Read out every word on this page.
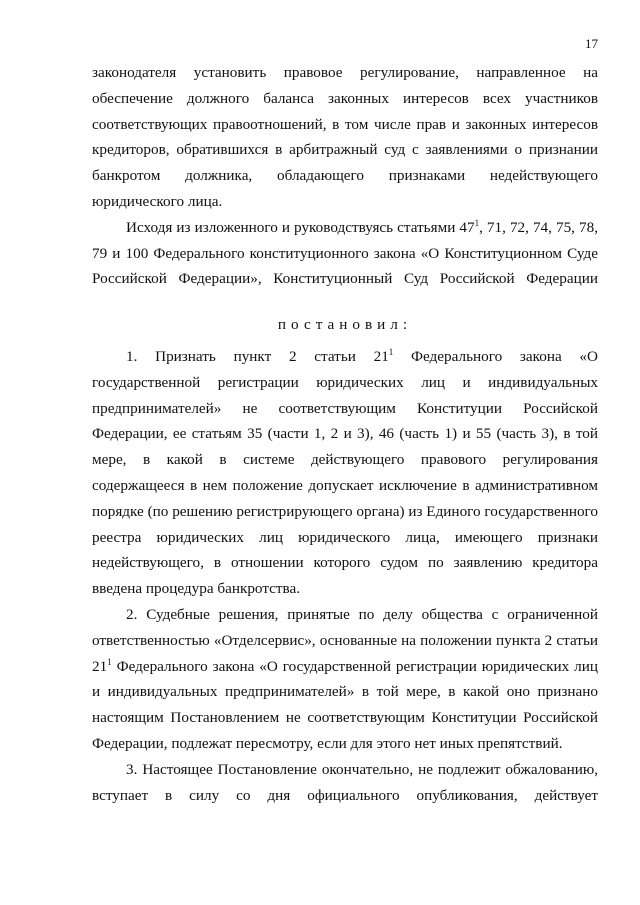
17

законодателя установить правовое регулирование, направленное на обеспечение должного баланса законных интересов всех участников соответствующих правоотношений, в том числе прав и законных интересов кредиторов, обратившихся в арбитражный суд с заявлениями о признании банкротом должника, обладающего признаками недействующего юридического лица.

Исходя из изложенного и руководствуясь статьями $47^1$, 71, 72, 74, 75, 78, 79 и 100 Федерального конституционного закона «О Конституционном Суде Российской Федерации», Конституционный Суд Российской Федерации

постановил:

1. Признать пункт 2 статьи $21^1$ Федерального закона «О государственной регистрации юридических лиц и индивидуальных предпринимателей» не соответствующим Конституции Российской Федерации, ее статьям 35 (части 1, 2 и 3), 46 (часть 1) и 55 (часть 3), в той мере, в какой в системе действующего правового регулирования содержащееся в нем положение допускает исключение в административном порядке (по решению регистрирующего органа) из Единого государственного реестра юридических лиц юридического лица, имеющего признаки недействующего, в отношении которого судом по заявлению кредитора введена процедура банкротства.

2. Судебные решения, принятые по делу общества с ограниченной ответственностью «Отделсервис», основанные на положении пункта 2 статьи $21^1$ Федерального закона «О государственной регистрации юридических лиц и индивидуальных предпринимателей» в той мере, в какой оно признано настоящим Постановлением не соответствующим Конституции Российской Федерации, подлежат пересмотру, если для этого нет иных препятствий.

3. Настоящее Постановление окончательно, не подлежит обжалованию, вступает в силу со дня официального опубликования, действует
